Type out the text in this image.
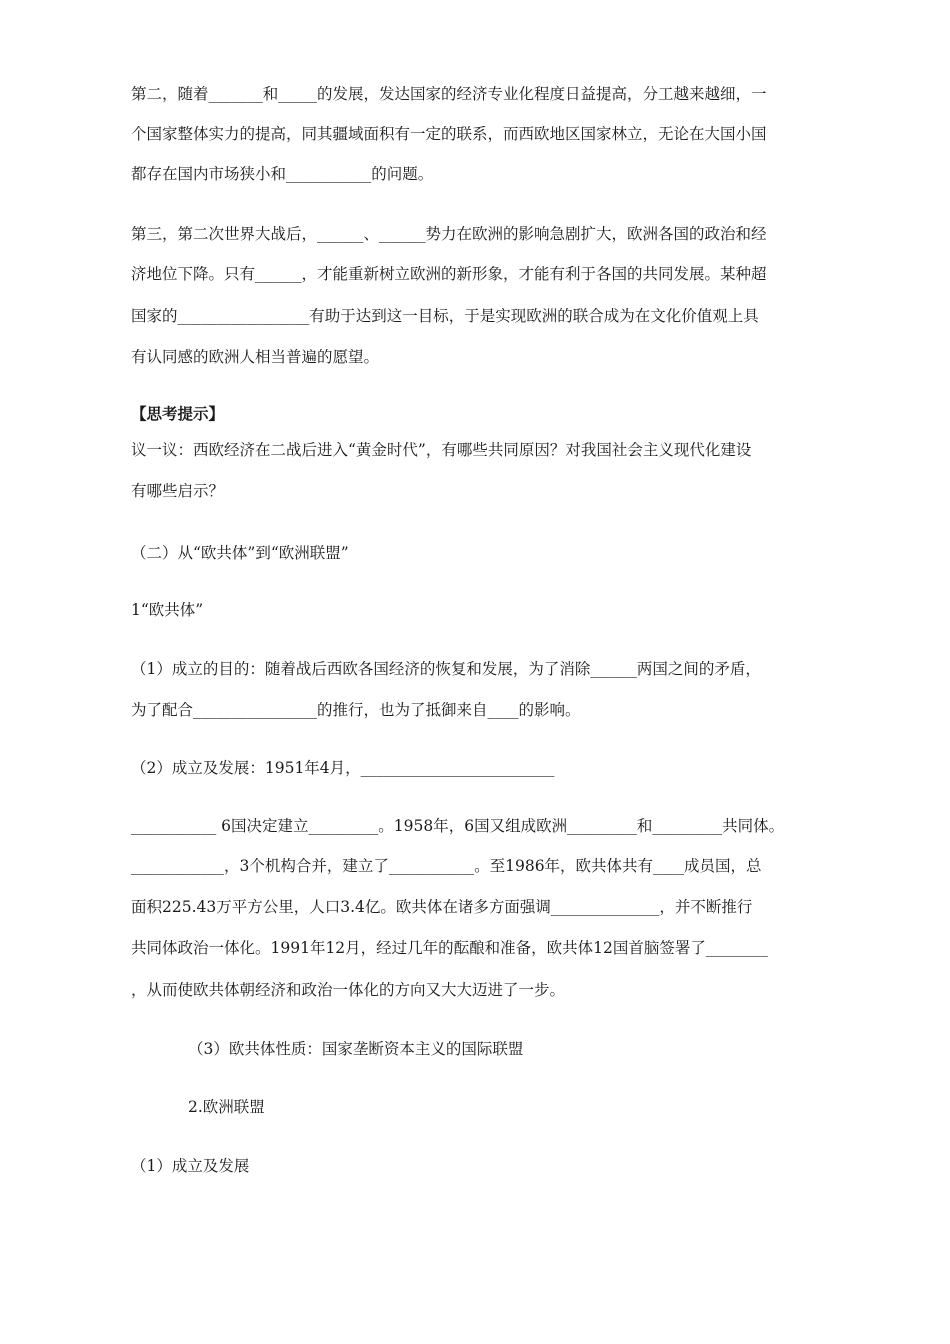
第二，随着_______和_____的发展，发达国家的经济专业化程度日益提高，分工越来越细，一
个国家整体实力的提高，同其疆域面积有一定的联系，而西欧地区国家林立，无论在大国小国
都存在国内市场狭小和___________的问题。
第三，第二次世界大战后，______、______势力在欧洲的影响急剧扩大，欧洲各国的政治和经
济地位下降。只有______，才能重新树立欧洲的新形象，才能有利于各国的共同发展。某种超
国家的_________________有助于达到这一目标，于是实现欧洲的联合成为在文化价值观上具
有认同感的欧洲人相当普遍的愿望。
【思考提示】
议一议：西欧经济在二战后进入“黄金时代”，有哪些共同原因？对我国社会主义现代化建设
有哪些启示？
（二）从“欧共体”到“欧洲联盟”
1“欧共体”
（1）成立的目的：随着战后西欧各国经济的恢复和发展，为了消除______两国之间的矛盾，
为了配合________________的推行，也为了抵御来自____的影响。
（2）成立及发展：1951年4月，_________________________
___________ 6国决定建立_________。1958年，6国又组成欧洲_________和_________共同体。
____________，3个机构合并，建立了___________。至1986年，欧共体共有____成员国，总
面积225.43万平方公里，人口3.4亿。欧共体在诸多方面强调______________，并不断推行
共同体政治一体化。1991年12月，经过几年的酝酿和准备，欧共体12国首脑签署了________
，从而使欧共体朝经济和政治一体化的方向又大大迈进了一步。
（3）欧共体性质：国家垄断资本主义的国际联盟
2.欧洲联盟
（1）成立及发展
